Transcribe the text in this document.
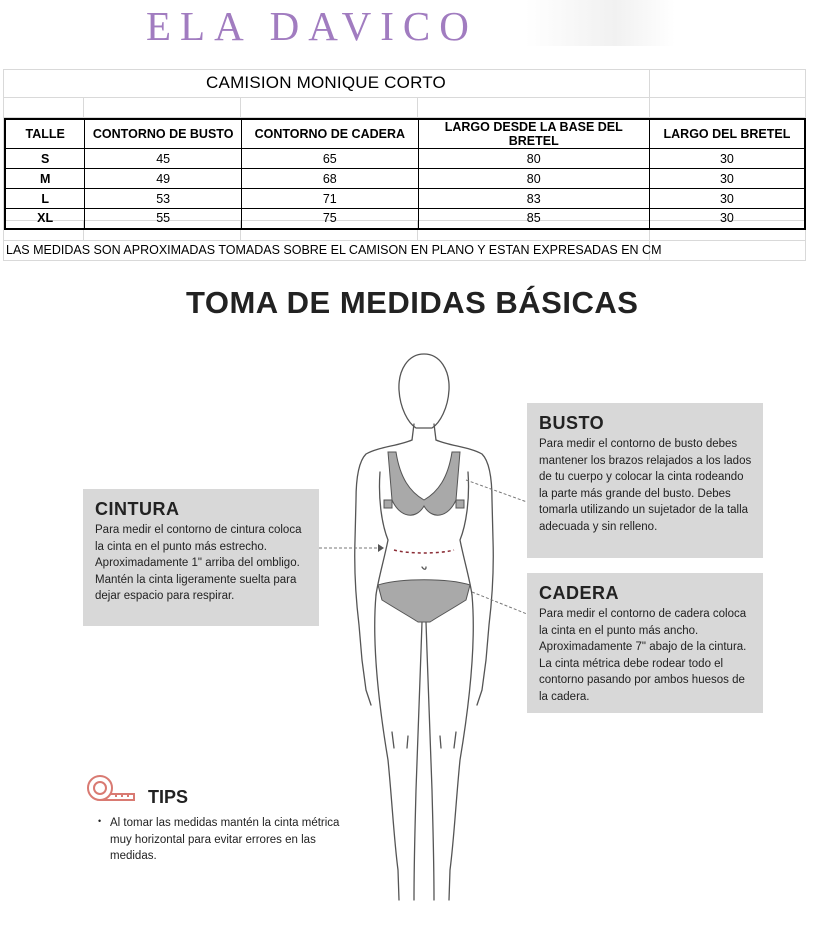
ELA DAVICO
CAMISION MONIQUE CORTO
TALLE	CONTORNO DE BUSTO	CONTORNO DE CADERA	LARGO DESDE LA BASE DEL BRETEL	LARGO DEL BRETEL
S	45	65	80	30
M	49	68	80	30
L	53	71	83	30
XL	55	75	85	30
LAS MEDIDAS SON APROXIMADAS TOMADAS SOBRE EL CAMISON EN PLANO Y ESTAN EXPRESADAS EN CM
TOMA DE MEDIDAS BÁSICAS
BUSTO

Para medir el contorno de busto debes mantener los brazos relajados a los lados de tu cuerpo y colocar la cinta rodeando la parte más grande del busto. Debes tomarla utilizando un sujetador de la talla adecuada y sin relleno.

CINTURA

Para medir el contorno de cintura coloca la cinta en el punto más estrecho. Aproximadamente 1" arriba del ombligo. Mantén la cinta ligeramente suelta para dejar espacio para respirar.	CADERA

Para medir el contorno de cadera coloca la cinta en el punto más ancho. Aproximadamente 7" abajo de la cintura. La cinta métrica debe rodear todo el contorno pasando por ambos huesos de la cadera.

TIPS
• Al tomar las medidas mantén la cinta métrica muy horizontal para evitar errores en las medidas.
